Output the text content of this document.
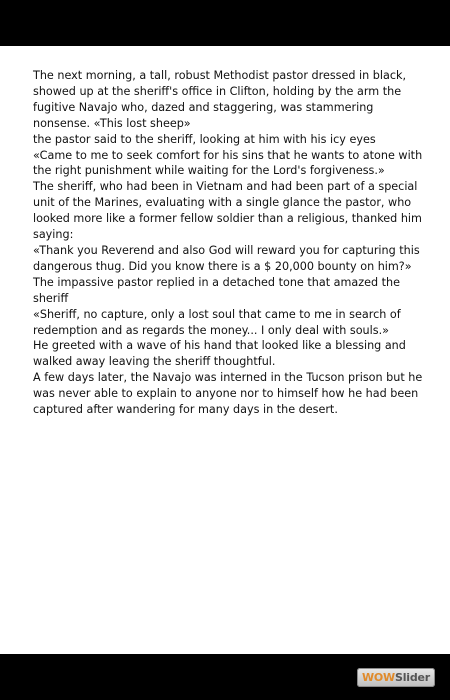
The next morning, a tall, robust Methodist pastor dressed in black, showed up at the sheriff's office in Clifton, holding by the arm the fugitive Navajo who, dazed and staggering, was stammering nonsense. «This lost sheep»

the pastor said to the sheriff, looking at him with his icy eyes

«Came to me to seek comfort for his sins that he wants to atone with the right punishment while waiting for the Lord's forgiveness.»

The sheriff, who had been in Vietnam and had been part of a special unit of the Marines, evaluating with a single glance the pastor, who looked more like a former fellow soldier than a religious, thanked him saying:

«Thank you Reverend and also God will reward you for capturing this dangerous thug. Did you know there is a $ 20,000 bounty on him?»

The impassive pastor replied in a detached tone that amazed the sheriff

«Sheriff, no capture, only a lost soul that came to me in search of redemption and as regards the money... I only deal with souls.»

He greeted with a wave of his hand that looked like a blessing and walked away leaving the sheriff thoughtful.

A few days later, the Navajo was interned in the Tucson prison but he was never able to explain to anyone nor to himself how he had been captured after wandering for many days in the desert.

WOW Slider
